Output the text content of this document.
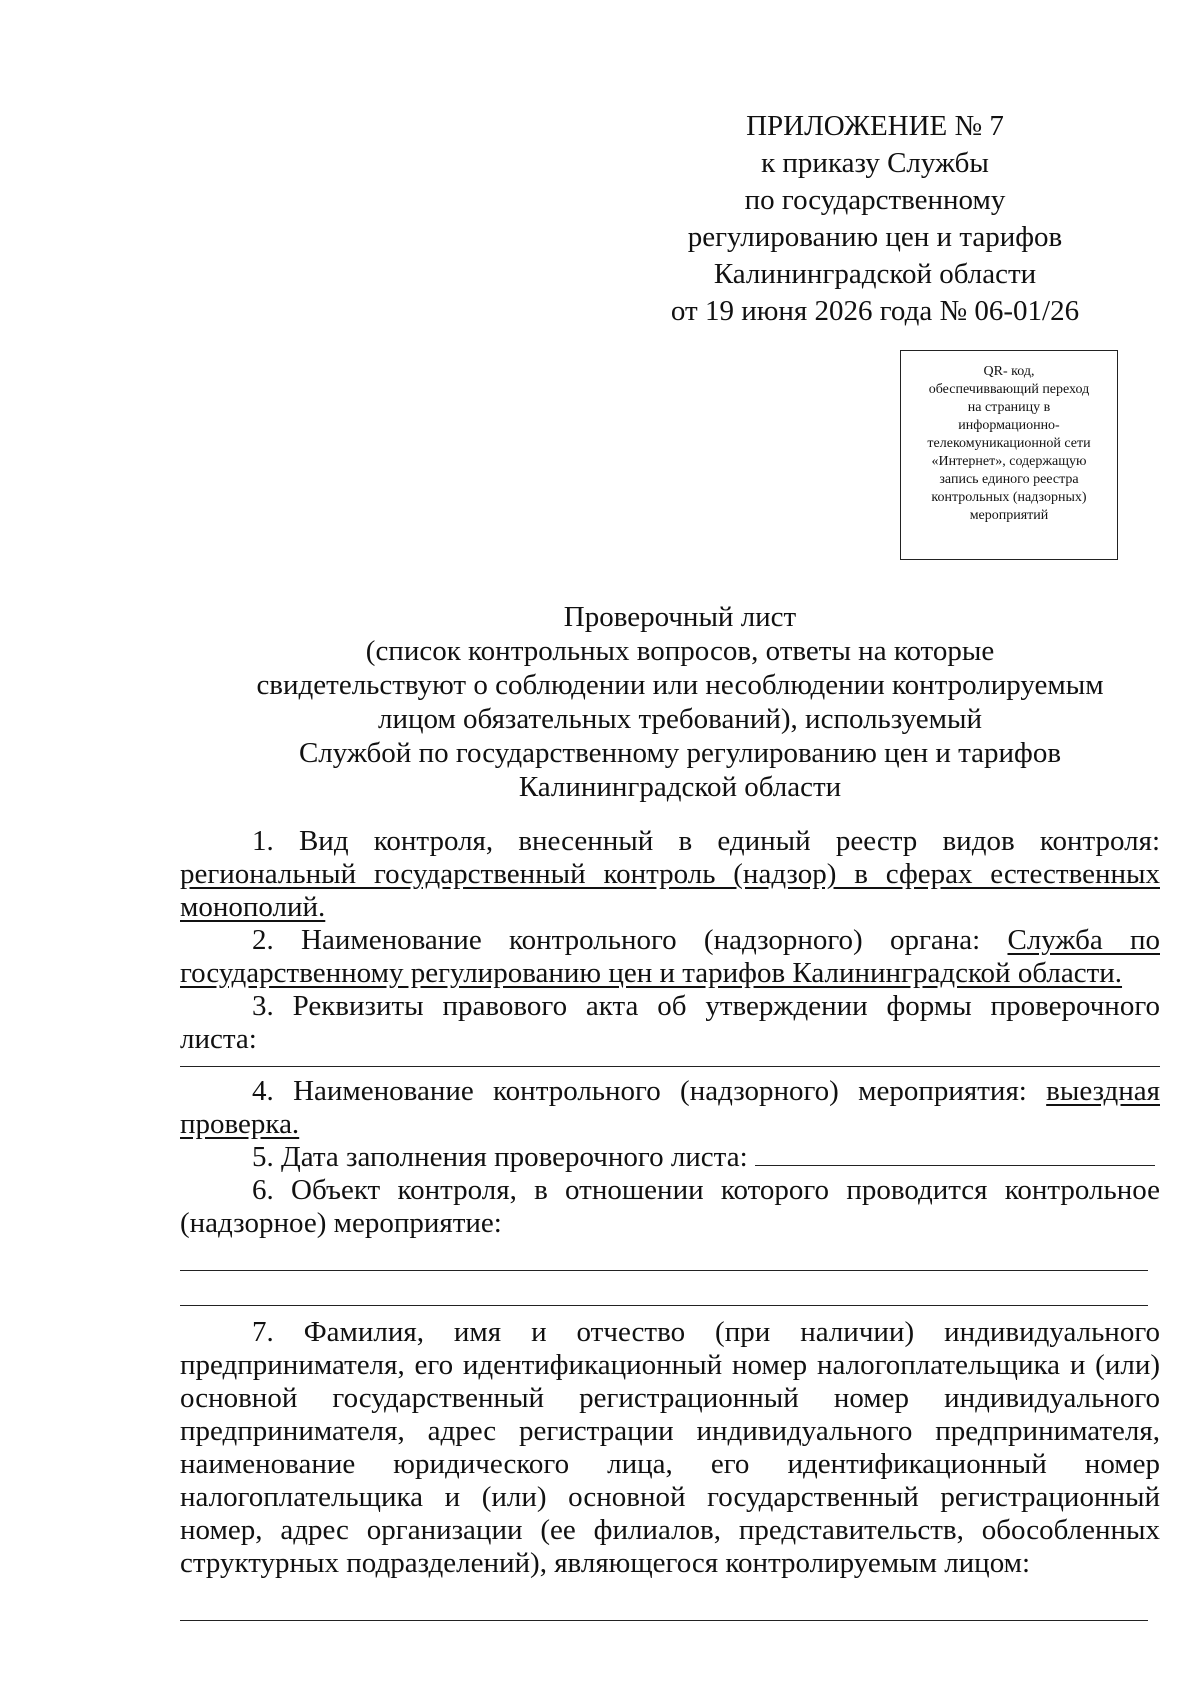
ПРИЛОЖЕНИЕ № 7
к приказу Службы
по государственному
регулированию цен и тарифов
Калининградской области
от 19 июня 2026 года № 06-01/26
QR- код,
обеспечиввающий переход
на страницу в
информационно-
телекомуникационной сети
«Интернет», содержащую
запись единого реестра
контрольных (надзорных)
мероприятий
Проверочный лист
(список контрольных вопросов, ответы на которые
свидетельствуют о соблюдении или несоблюдении контролируемым
лицом обязательных требований), используемый
Службой по государственному регулированию цен и тарифов
Калининградской области

1. Вид контроля, внесенный в единый реестр видов контроля: региональный государственный контроль (надзор) в сферах естественных монополий.

2. Наименование контрольного (надзорного) органа: Служба по государственному регулированию цен и тарифов Калининградской области.

3. Реквизиты правового акта об утверждении формы проверочного листа:

4. Наименование контрольного (надзорного) мероприятия: выездная проверка.

5. Дата заполнения проверочного листа:

6. Объект контроля, в отношении которого проводится контрольное (надзорное) мероприятие:

7. Фамилия, имя и отчество (при наличии) индивидуального предпринимателя, его идентификационный номер налогоплательщика и (или) основной государственный регистрационный номер индивидуального предпринимателя, адрес регистрации индивидуального предпринимателя, наименование юридического лица, его идентификационный номер налогоплательщика и (или) основной государственный регистрационный номер, адрес организации (ее филиалов, представительств, обособленных структурных подразделений), являющегося контролируемым лицом:
